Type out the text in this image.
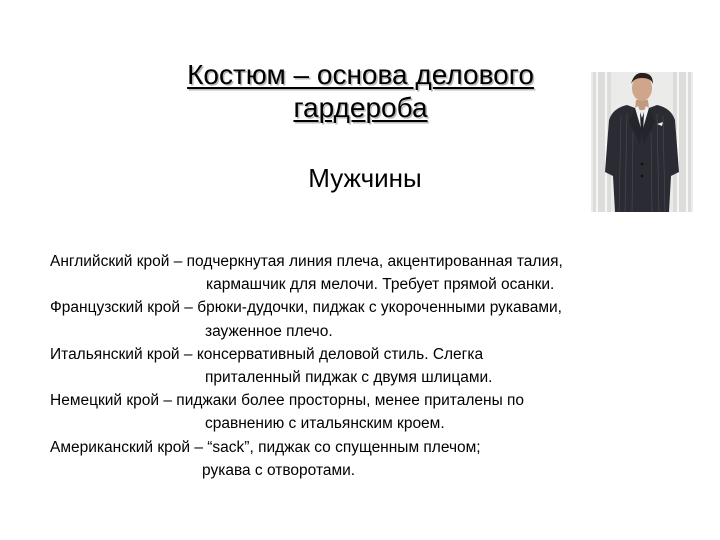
Костюм – основа делового
гардероба
Мужчины
Английский крой – подчеркнутая линия плеча, акцентированная талия,
кармашчик для мелочи. Требует прямой осанки.
Французский крой – брюки-дудочки, пиджак с укороченными рукавами,
зауженное плечо.
Итальянский крой – консервативный деловой стиль. Слегка
приталенный пиджак с двумя шлицами.
Немецкий крой – пиджаки более просторны, менее приталены по
сравнению с итальянским кроем.
Американский крой – “sack”, пиджак со спущенным плечом;
рукава с отворотами.
